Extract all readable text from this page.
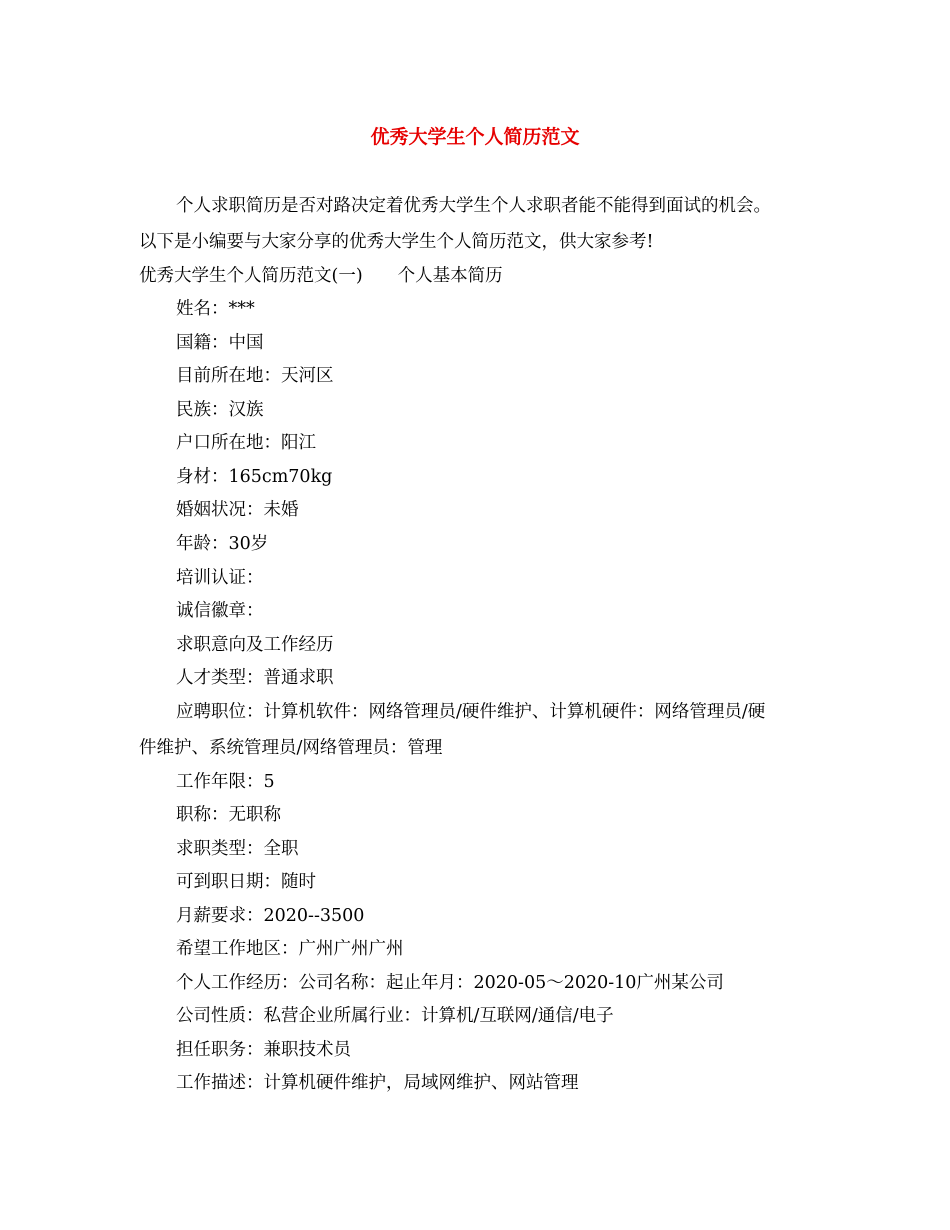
优秀大学生个人简历范文
个人求职简历是否对路决定着优秀大学生个人求职者能不能得到面试的机会。
以下是小编要与大家分享的优秀大学生个人简历范文，供大家参考!
优秀大学生个人简历范文(一)　　个人基本简历
姓名：***
国籍：中国
目前所在地：天河区
民族：汉族
户口所在地：阳江
身材：165cm70kg
婚姻状况：未婚
年龄：30岁
培训认证：
诚信徽章：
求职意向及工作经历
人才类型：普通求职
应聘职位：计算机软件：网络管理员/硬件维护、计算机硬件：网络管理员/硬
件维护、系统管理员/网络管理员：管理
工作年限：5
职称：无职称
求职类型：全职
可到职日期：随时
月薪要求：2020--3500
希望工作地区：广州广州广州
个人工作经历：公司名称：起止年月：2020-05～2020-10广州某公司
公司性质：私营企业所属行业：计算机/互联网/通信/电子
担任职务：兼职技术员
工作描述：计算机硬件维护，局域网维护、网站管理
